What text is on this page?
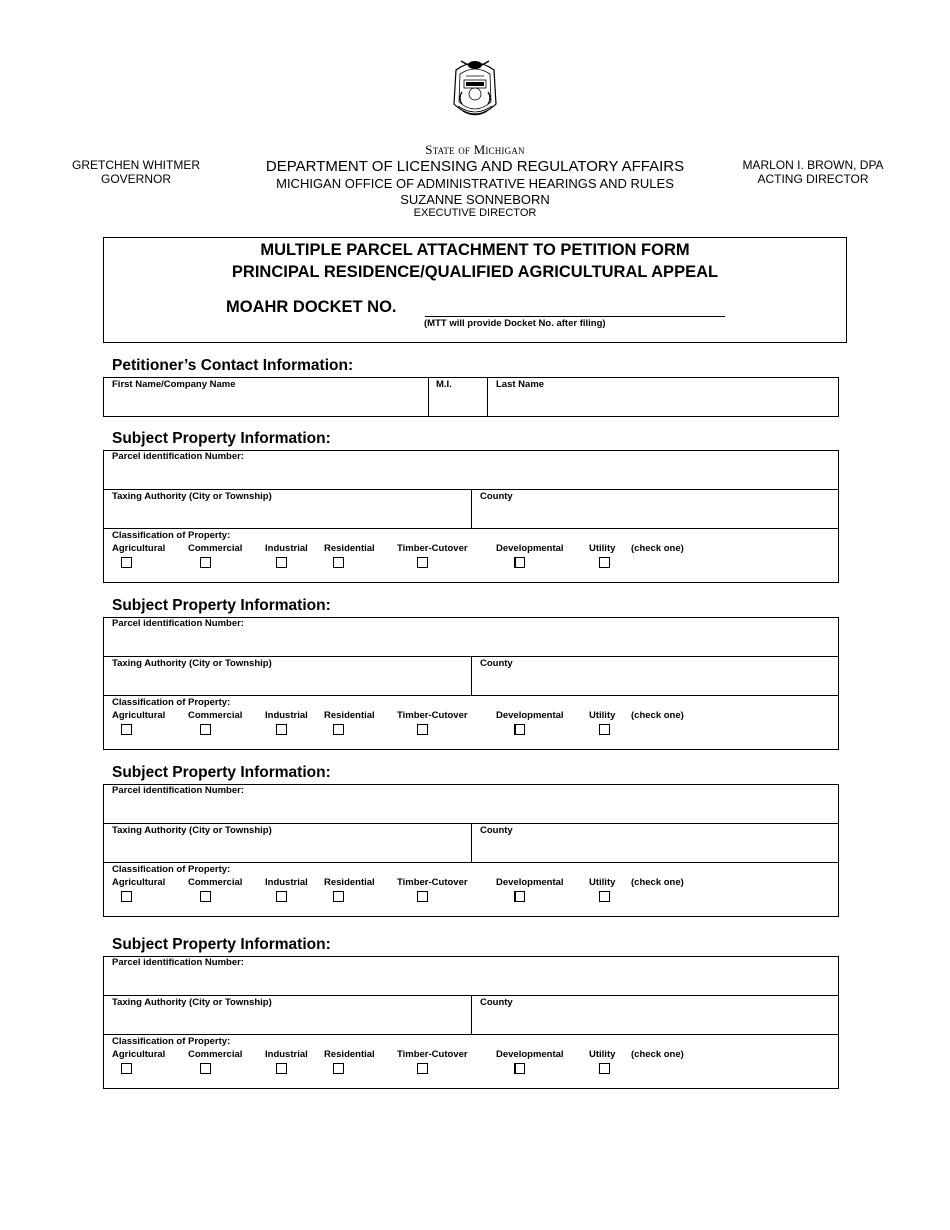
State of Michigan
DEPARTMENT OF LICENSING AND REGULATORY AFFAIRS
MICHIGAN OFFICE OF ADMINISTRATIVE HEARINGS AND RULES
SUZANNE SONNEBORN
EXECUTIVE DIRECTOR
GRETCHEN WHITMER
GOVERNOR
MARLON I. BROWN, DPA
ACTING DIRECTOR
MULTIPLE PARCEL ATTACHMENT TO PETITION FORM
PRINCIPAL RESIDENCE/QUALIFIED AGRICULTURAL APPEAL
MOAHR DOCKET NO.
(MTT will provide Docket No. after filing)
Petitioner’s Contact Information:
First Name/Company Name	M.I.	Last Name
Subject Property Information:
Parcel identification Number:
Taxing Authority (City or Township)	County
Classification of Property:
Agricultural Commercial Industrial Residential Timber-Cutover	Developmental	Utility (check one)
Subject Property Information:
Parcel identification Number:
Taxing Authority (City or Township)	County
Classification of Property:
Agricultural Commercial Industrial Residential Timber-Cutover	Developmental	Utility (check one)
Subject Property Information:
Parcel identification Number:
Taxing Authority (City or Township)	County
Classification of Property:
Agricultural Commercial Industrial Residential Timber-Cutover	Developmental	Utility (check one)
Subject Property Information:
Parcel identification Number:
Taxing Authority (City or Township)	County
Classification of Property:
Agricultural Commercial Industrial Residential Timber-Cutover	Developmental	Utility (check one)
